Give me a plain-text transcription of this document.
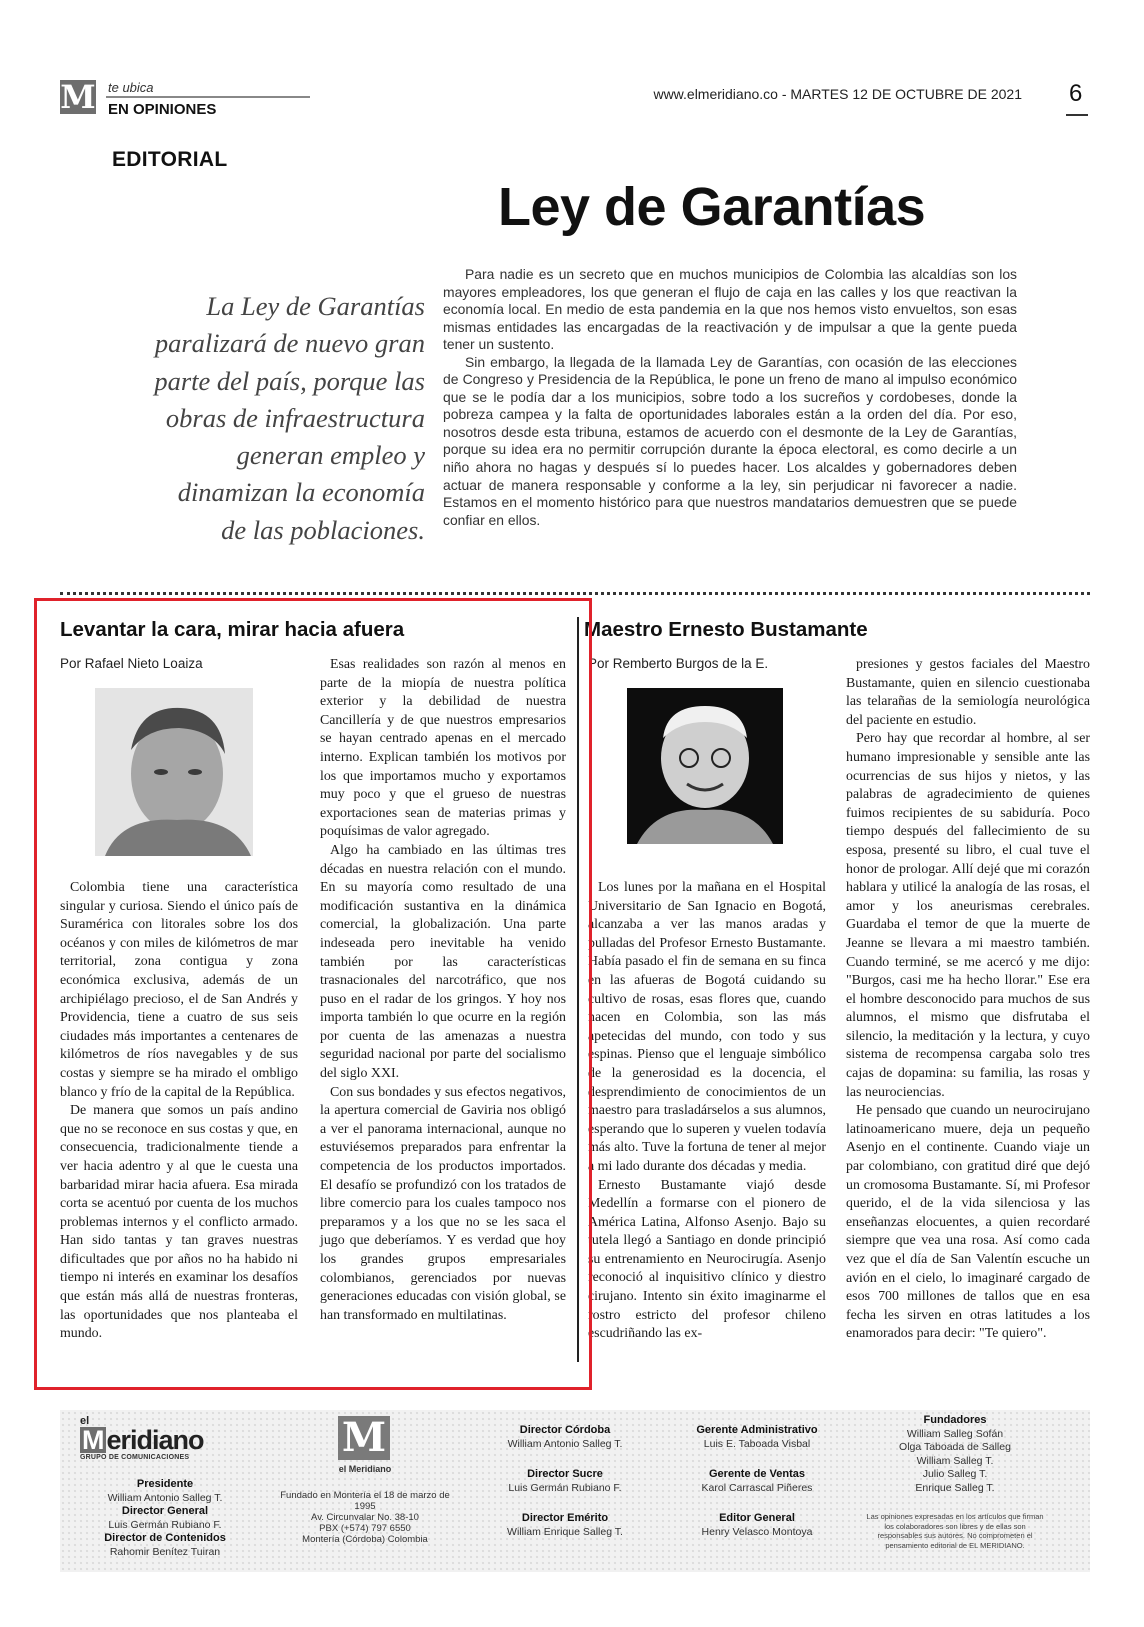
M te ubica
EN OPINIONES
www.elmeridiano.co - MARTES 12 DE OCTUBRE DE 2021 6
EDITORIAL
Ley de Garantías
La Ley de Garantías paralizará de nuevo gran parte del país, porque las obras de infraestructura generan empleo y dinamizan la economía de las poblaciones.

Para nadie es un secreto que en muchos municipios de Colombia las alcaldías son los mayores empleadores, los que generan el flujo de caja en las calles y los que reactivan la economía local. En medio de esta pandemia en la que nos hemos visto envueltos, son esas mismas entidades las encargadas de la reactivación y de impulsar a que la gente pueda tener un sustento.

Sin embargo, la llegada de la llamada Ley de Garantías, con ocasión de las elecciones de Congreso y Presidencia de la República, le pone un freno de mano al impulso económico que se le podía dar a los municipios, sobre todo a los sucreños y cordobeses, donde la pobreza campea y la falta de oportunidades laborales están a la orden del día. Por eso, nosotros desde esta tribuna, estamos de acuerdo con el desmonte de la Ley de Garantías, porque su idea era no permitir corrupción durante la época electoral, es como decirle a un niño ahora no hagas y después sí lo puedes hacer. Los alcaldes y gobernadores deben actuar de manera responsable y conforme a la ley, sin perjudicar ni favorecer a nadie. Estamos en el momento histórico para que nuestros mandatarios demuestren que se puede confiar en ellos.

Levantar la cara, mirar hacia afuera
Por Rafael Nieto Loaiza

Colombia tiene una característica singular y curiosa. Siendo el único país de Suramérica con litorales sobre los dos océanos y con miles de kilómetros de mar territorial, zona contigua y zona económica exclusiva, además de un archipiélago precioso, el de San Andrés y Providencia, tiene a cuatro de sus seis ciudades más importantes a centenares de kilómetros de ríos navegables y de sus costas y siempre se ha mirado el ombligo blanco y frío de la capital de la República.

De manera que somos un país andino que no se reconoce en sus costas y que, en consecuencia, tradicionalmente tiende a ver hacia adentro y al que le cuesta una barbaridad mirar hacia afuera. Esa mirada corta se acentuó por cuenta de los muchos problemas internos y el conflicto armado. Han sido tantas y tan graves nuestras dificultades que por años no ha habido ni tiempo ni interés en examinar los desafíos que están más allá de nuestras fronteras, las oportunidades que nos planteaba el mundo.

Esas realidades son razón al menos en parte de la miopía de nuestra política exterior y la debilidad de nuestra Cancillería y de que nuestros empresarios se hayan centrado apenas en el mercado interno. Explican también los motivos por los que importamos mucho y exportamos muy poco y que el grueso de nuestras exportaciones sean de materias primas y poquísimas de valor agregado.

Algo ha cambiado en las últimas tres décadas en nuestra relación con el mundo. En su mayoría como resultado de una modificación sustantiva en la dinámica comercial, la globalización. Una parte indeseada pero inevitable ha venido también por las características trasnacionales del narcotráfico, que nos puso en el radar de los gringos. Y hoy nos importa también lo que ocurre en la región por cuenta de las amenazas a nuestra seguridad nacional por parte del socialismo del siglo XXI.

Con sus bondades y sus efectos negativos, la apertura comercial de Gaviria nos obligó a ver el panorama internacional, aunque no estuviésemos preparados para enfrentar la competencia de los productos importados. El desafío se profundizó con los tratados de libre comercio para los cuales tampoco nos preparamos y a los que no se les saca el jugo que deberíamos. Y es verdad que hoy los grandes grupos empresariales colombianos, gerenciados por nuevas generaciones educadas con visión global, se han transformado en multilatinas.

Maestro Ernesto Bustamante
Por Remberto Burgos de la E.

Los lunes por la mañana en el Hospital Universitario de San Ignacio en Bogotá, alcanzaba a ver las manos aradas y pulladas del Profesor Ernesto Bustamante. Había pasado el fin de semana en su finca en las afueras de Bogotá cuidando su cultivo de rosas, esas flores que, cuando nacen en Colombia, son las más apetecidas del mundo, con todo y sus espinas. Pienso que el lenguaje simbólico de la generosidad es la docencia, el desprendimiento de conocimientos de un maestro para trasladárselos a sus alumnos, esperando que lo superen y vuelen todavía más alto. Tuve la fortuna de tener al mejor a mi lado durante dos décadas y media.

Ernesto Bustamante viajó desde Medellín a formarse con el pionero de América Latina, Alfonso Asenjo. Bajo su tutela llegó a Santiago en donde principió su entrenamiento en Neurocirugía. Asenjo reconoció al inquisitivo clínico y diestro cirujano. Intento sin éxito imaginarme el rostro estricto del profesor chileno escudriñando las ex-

presiones y gestos faciales del Maestro Bustamante, quien en silencio cuestionaba las telarañas de la semiología neurológica del paciente en estudio.

Pero hay que recordar al hombre, al ser humano impresionable y sensible ante las ocurrencias de sus hijos y nietos, y las palabras de agradecimiento de quienes fuimos recipientes de su sabiduría. Poco tiempo después del fallecimiento de su esposa, presenté su libro, el cual tuve el honor de prologar. Allí dejé que mi corazón hablara y utilicé la analogía de las rosas, el amor y los aneurismas cerebrales. Guardaba el temor de que la muerte de Jeanne se llevara a mi maestro también. Cuando terminé, se me acercó y me dijo: "Burgos, casi me ha hecho llorar." Ese era el hombre desconocido para muchos de sus alumnos, el mismo que disfrutaba el silencio, la meditación y la lectura, y cuyo sistema de recompensa cargaba solo tres cajas de dopamina: su familia, las rosas y las neurociencias.

He pensado que cuando un neurocirujano latinoamericano muere, deja un pequeño Asenjo en el continente. Cuando viaje un par colombiano, con gratitud diré que dejó un cromosoma Bustamante. Sí, mi Profesor querido, el de la vida silenciosa y las enseñanzas elocuentes, a quien recordaré siempre que vea una rosa. Así como cada vez que el día de San Valentín escuche un avión en el cielo, lo imaginaré cargado de esos 700 millones de tallos que en esa fecha les sirven en otras latitudes a los enamorados para decir: "Te quiero".

el
M eridiano
GRUPO DE COMUNICACIONES
Presidente
William Antonio Salleg T.
Director General
Luis Germán Rubiano F.
Director de Contenidos
Rahomir Benítez Tuiran
M
el Meridiano
Fundado en Montería el 18 de marzo de 1995
Av. Circunvalar No. 38-10
PBX (+574) 797 6550
Montería (Córdoba) Colombia
Director Córdoba
William Antonio Salleg T.
Director Sucre
Luis Germán Rubiano F.
Director Emérito
William Enrique Salleg T.
Gerente Administrativo
Luis E. Taboada Visbal
Gerente de Ventas
Karol Carrascal Piñeres
Editor General
Henry Velasco Montoya
Fundadores
William Salleg Sofán
Olga Taboada de Salleg
William Salleg T.
Julio Salleg T.
Enrique Salleg T.
Las opiniones expresadas en los artículos que firman los colaboradores son libres y de ellas son responsables sus autores. No comprometen el pensamiento editorial de EL MERIDIANO.
